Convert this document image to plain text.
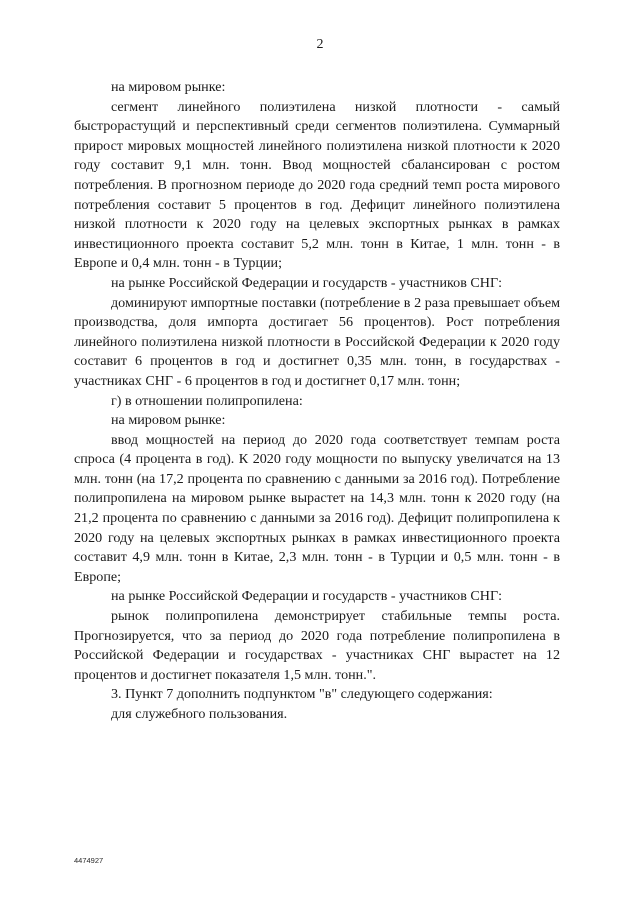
2

на мировом рынке:

сегмент линейного полиэтилена низкой плотности - самый быстрорастущий и перспективный среди сегментов полиэтилена. Суммарный прирост мировых мощностей линейного полиэтилена низкой плотности к 2020 году составит 9,1 млн. тонн. Ввод мощностей сбалансирован с ростом потребления. В прогнозном периоде до 2020 года средний темп роста мирового потребления составит 5 процентов в год. Дефицит линейного полиэтилена низкой плотности к 2020 году на целевых экспортных рынках в рамках инвестиционного проекта составит 5,2 млн. тонн в Китае, 1 млн. тонн - в Европе и 0,4 млн. тонн - в Турции;

на рынке Российской Федерации и государств - участников СНГ:

доминируют импортные поставки (потребление в 2 раза превышает объем производства, доля импорта достигает 56 процентов). Рост потребления линейного полиэтилена низкой плотности в Российской Федерации к 2020 году составит 6 процентов в год и достигнет 0,35 млн. тонн, в государствах - участниках СНГ - 6 процентов в год и достигнет 0,17 млн. тонн;

г) в отношении полипропилена:

на мировом рынке:

ввод мощностей на период до 2020 года соответствует темпам роста спроса (4 процента в год). К 2020 году мощности по выпуску увеличатся на 13 млн. тонн (на 17,2 процента по сравнению с данными за 2016 год). Потребление полипропилена на мировом рынке вырастет на 14,3 млн. тонн к 2020 году (на 21,2 процента по сравнению с данными за 2016 год). Дефицит полипропилена к 2020 году на целевых экспортных рынках в рамках инвестиционного проекта составит 4,9 млн. тонн в Китае, 2,3 млн. тонн - в Турции и 0,5 млн. тонн - в Европе;

на рынке Российской Федерации и государств - участников СНГ:

рынок полипропилена демонстрирует стабильные темпы роста. Прогнозируется, что за период до 2020 года потребление полипропилена в Российской Федерации и государствах - участниках СНГ вырастет на 12 процентов и достигнет показателя 1,5 млн. тонн.".

3. Пункт 7 дополнить подпунктом "в" следующего содержания:

для служебного пользования.

4474927
